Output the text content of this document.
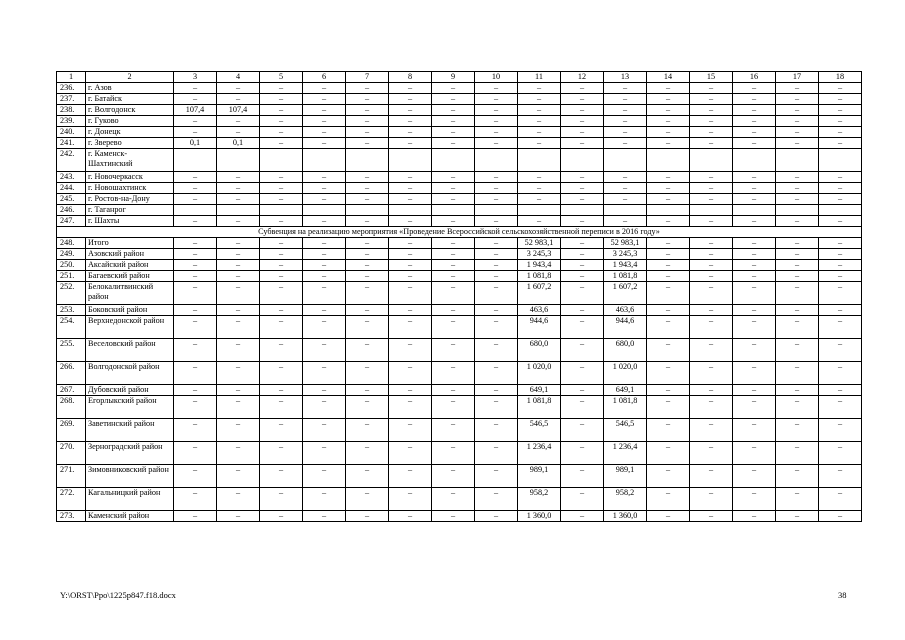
1	2	3	4	5	6	7	8	9	10	11	12	13	14	15	16	17	18
236.	г. Азов	–	–	–	–	–	–	–	–	–	–	–	–	–	–	–	–
237.	г. Батайск	–	–	–	–	–	–	–	–	–	–	–	–	–	–	–	–
238.	г. Волгодонск	107,4	107,4	–	–	–	–	–	–	–	–	–	–	–	–	–	–
239.	г. Гуково	–	–	–	–	–	–	–	–	–	–	–	–	–	–	–	–
240.	г. Донецк	–	–	–	–	–	–	–	–	–	–	–	–	–	–	–	–
241.	г. Зверево	0,1	0,1	–	–	–	–	–	–	–	–	–	–	–	–	–	–
242.	г. Каменск-Шахтинский																
243.	г. Новочеркасск	–	–	–	–	–	–	–	–	–	–	–	–	–	–	–	–
244.	г. Новошахтинск	–	–	–	–	–	–	–	–	–	–	–	–	–	–	–	–
245.	г. Ростов-на-Дону	–	–	–	–	–	–	–	–	–	–	–	–	–	–	–	–
246.	г. Таганрог																
247.	г. Шахты	–	–	–	–	–	–	–	–	–	–	–	–	–	–	–	–
Субвенция на реализацию мероприятия «Проведение Всероссийской сельскохозяйственной переписи в 2016 году»																	
248.	Итого	–	–	–	–	–	–	–	–	52 983,1	–	52 983,1	–	–	–	–	–
249.	Азовский район	–	–	–	–	–	–	–	–	3 245,3	–	3 245,3	–	–	–	–	–
250.	Аксайский район	–	–	–	–	–	–	–	–	1 943,4	–	1 943,4	–	–	–	–	–
251.	Багаевский район	–	–	–	–	–	–	–	–	1 081,8	–	1 081,8	–	–	–	–	–
252.	Белокалитвинский район	–	–	–	–	–	–	–	–	1 607,2	–	1 607,2	–	–	–	–	–
253.	Боковский район	–	–	–	–	–	–	–	–	463,6	–	463,6	–	–	–	–	–
254.	Верхнедонской район	–	–	–	–	–	–	–	–	944,6	–	944,6	–	–	–	–	–
255.	Веселовский район	–	–	–	–	–	–	–	–	680,0	–	680,0	–	–	–	–	–
266.	Волгодонской район	–	–	–	–	–	–	–	–	1 020,0	–	1 020,0	–	–	–	–	–
267.	Дубовский район	–	–	–	–	–	–	–	–	649,1	–	649,1	–	–	–	–	–
268.	Егорлыкский район	–	–	–	–	–	–	–	–	1 081,8	–	1 081,8	–	–	–	–	–
269.	Заветинский район	–	–	–	–	–	–	–	–	546,5	–	546,5	–	–	–	–	–
270.	Зерноградский район	–	–	–	–	–	–	–	–	1 236,4	–	1 236,4	–	–	–	–	–
271.	Зимовниковский район	–	–	–	–	–	–	–	–	989,1	–	989,1	–	–	–	–	–
272.	Кагальницкий район	–	–	–	–	–	–	–	–	958,2	–	958,2	–	–	–	–	–
273.	Каменский район	–	–	–	–	–	–	–	–	1 360,0	–	1 360,0	–	–	–	–	–
Y:\ORST\Ppo\1225p847.f18.docx	38
